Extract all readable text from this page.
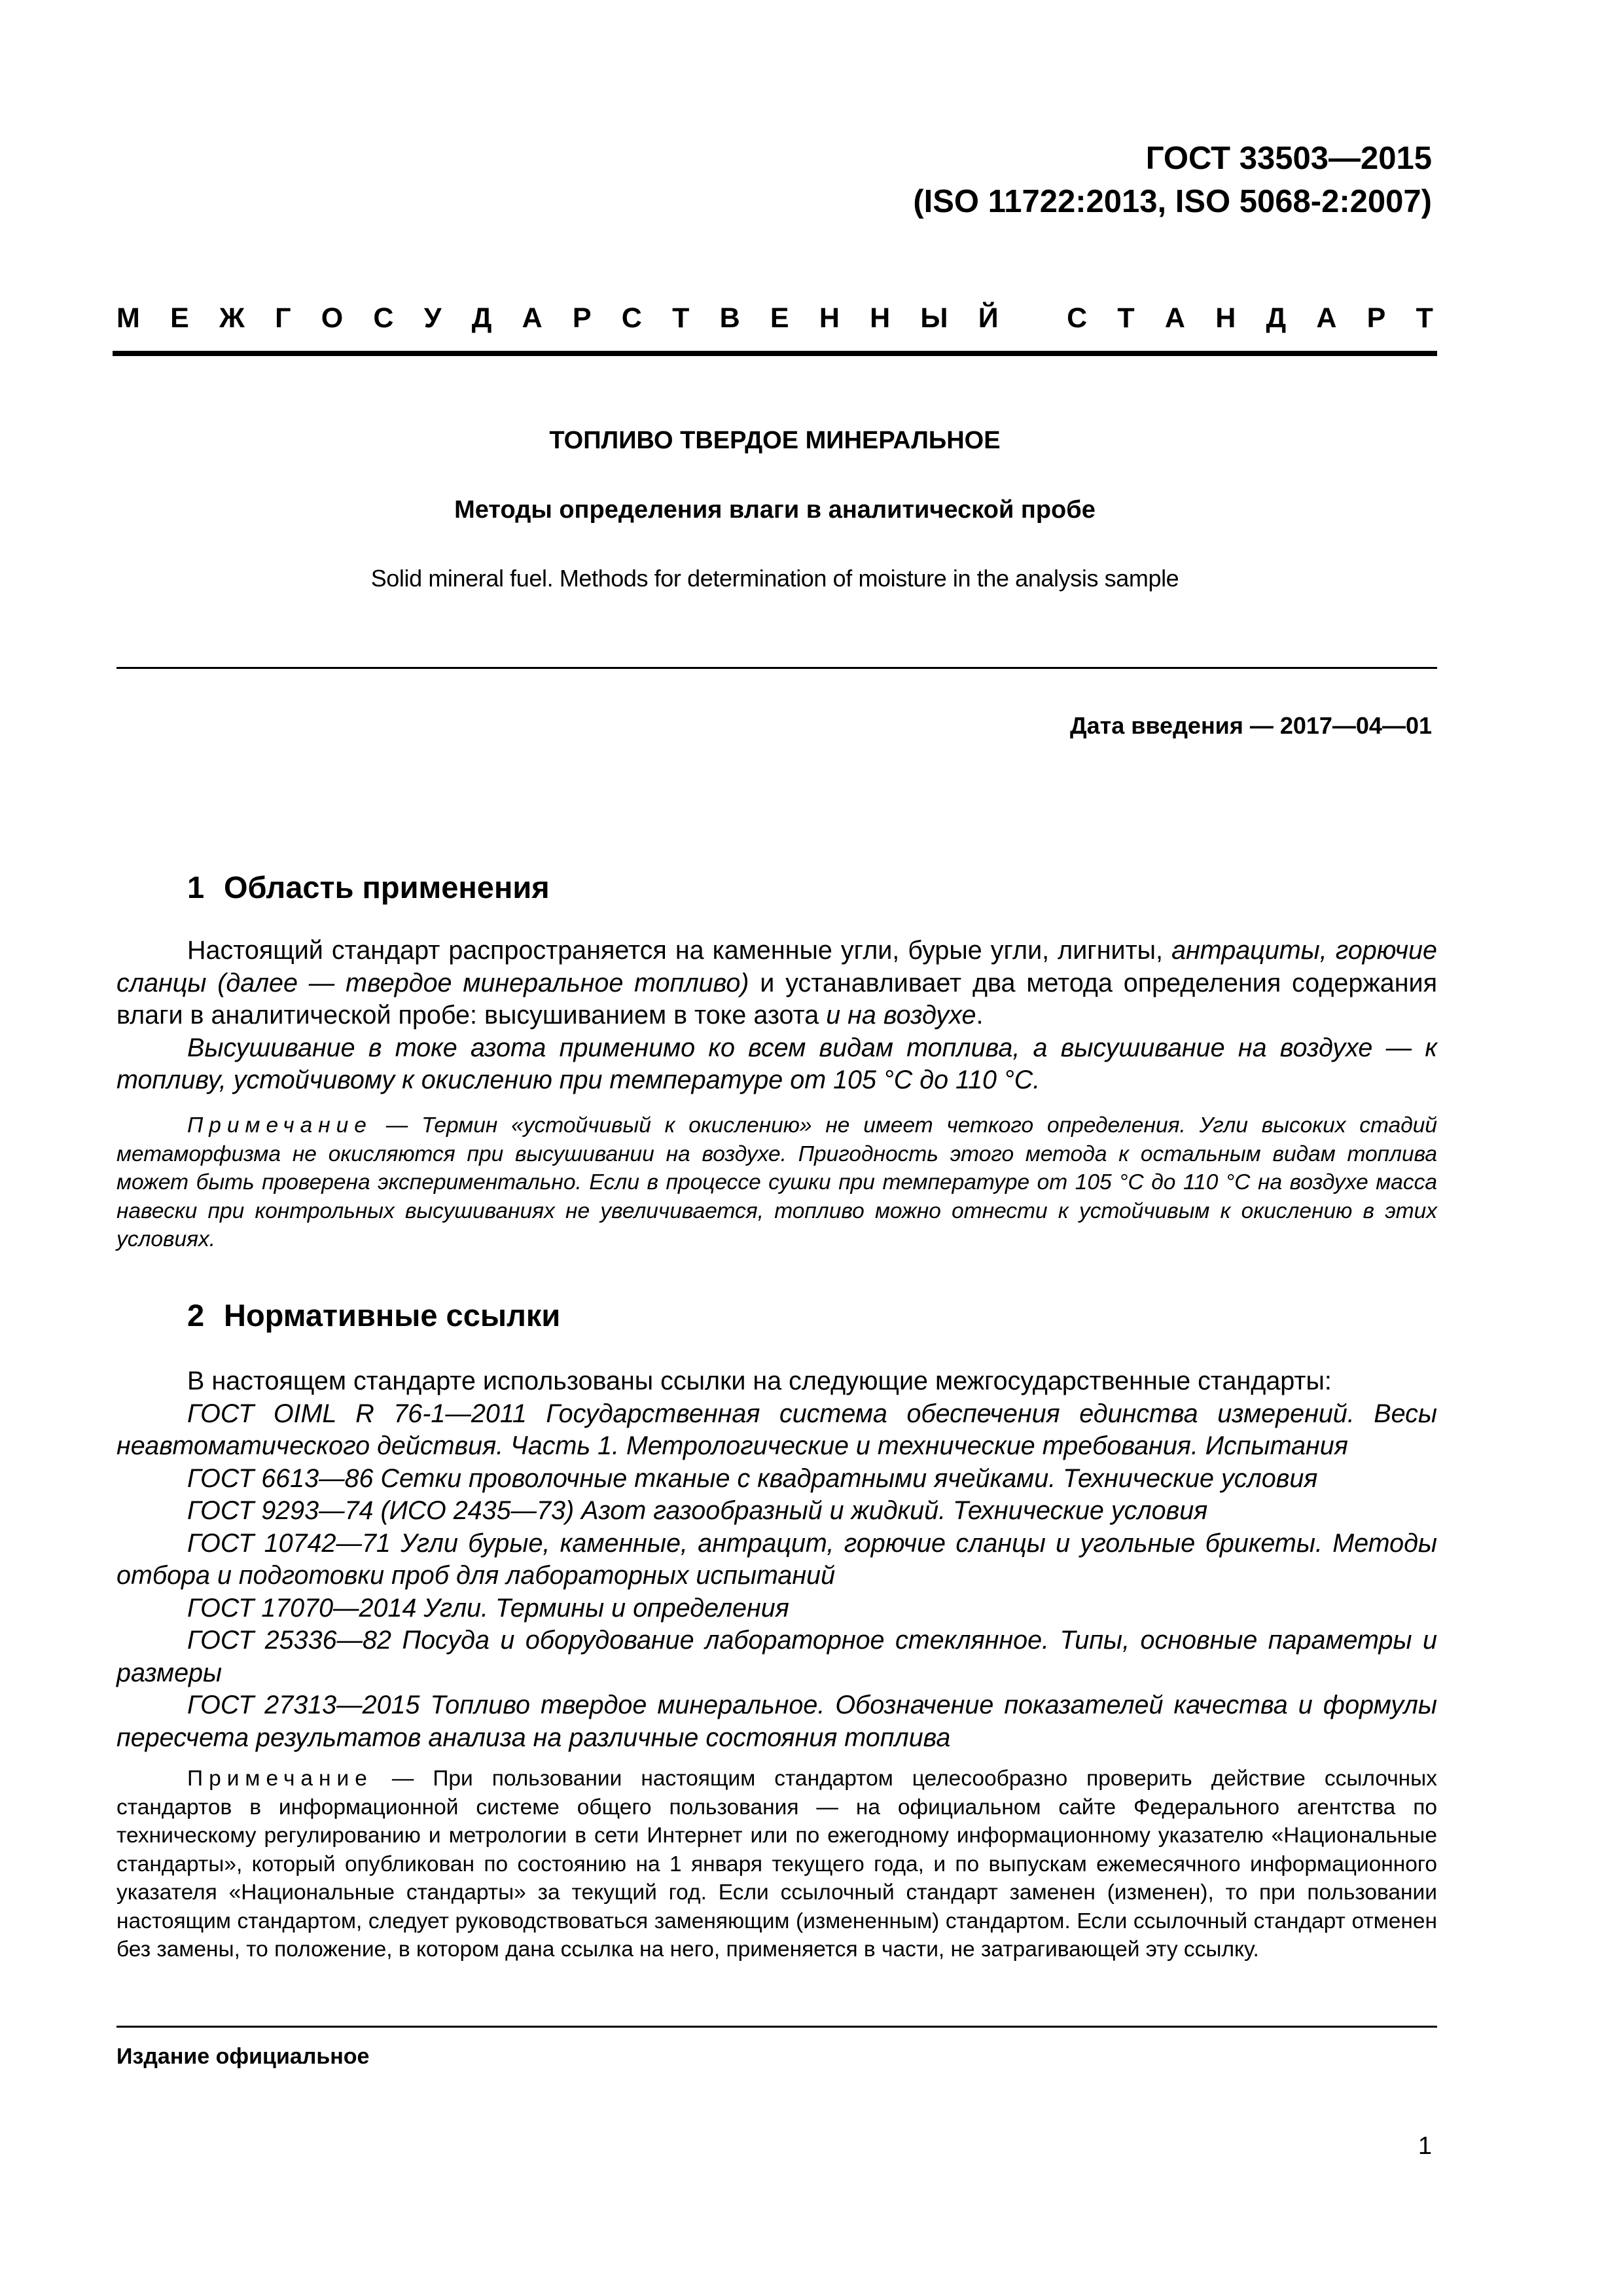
ГОСТ 33503—2015
(ISO 11722:2013, ISO 5068-2:2007)
М Е Ж Г О С У Д А Р С Т В Е Н Н Ы Й
С Т А Н Д А Р Т
ТОПЛИВО ТВЕРДОЕ МИНЕРАЛЬНОЕ
Методы определения влаги в аналитической пробе
Solid mineral fuel. Methods for determination of moisture in the analysis sample
Дата введения — 2017—04—01
1 Область применения

Настоящий стандарт распространяется на каменные угли, бурые угли, лигниты, антрациты, горючие сланцы (далее — твердое минеральное топливо) и устанавливает два метода определения содержания влаги в аналитической пробе: высушиванием в токе азота и на воздухе.

Высушивание в токе азота применимо ко всем видам топлива, а высушивание на воздухе — к топливу, устойчивому к окислению при температуре от 105 °С до 110 °С.

Примечание — Термин «устойчивый к окислению» не имеет четкого определения. Угли высоких стадий метаморфизма не окисляются при высушивании на воздухе. Пригодность этого метода к остальным видам топлива может быть проверена экспериментально. Если в процессе сушки при температуре от 105 °С до 110 °С на воздухе масса навески при контрольных высушиваниях не увеличивается, топливо можно отнести к устойчивым к окислению в этих условиях.

2 Нормативные ссылки

В настоящем стандарте использованы ссылки на следующие межгосударственные стандарты:

ГОСТ OIML R 76-1—2011 Государственная система обеспечения единства измерений. Весы неавтоматического действия. Часть 1. Метрологические и технические требования. Испытания

ГОСТ 6613—86 Сетки проволочные тканые с квадратными ячейками. Технические условия

ГОСТ 9293—74 (ИСО 2435—73) Азот газообразный и жидкий. Технические условия

ГОСТ 10742—71 Угли бурые, каменные, антрацит, горючие сланцы и угольные брикеты. Методы отбора и подготовки проб для лабораторных испытаний

ГОСТ 17070—2014 Угли. Термины и определения

ГОСТ 25336—82 Посуда и оборудование лабораторное стеклянное. Типы, основные параметры и размеры

ГОСТ 27313—2015 Топливо твердое минеральное. Обозначение показателей качества и формулы пересчета результатов анализа на различные состояния топлива

Примечание — При пользовании настоящим стандартом целесообразно проверить действие ссылочных стандартов в информационной системе общего пользования — на официальном сайте Федерального агентства по техническому регулированию и метрологии в сети Интернет или по ежегодному информационному указателю «Национальные стандарты», который опубликован по состоянию на 1 января текущего года, и по выпускам ежемесячного информационного указателя «Национальные стандарты» за текущий год. Если ссылочный стандарт заменен (изменен), то при пользовании настоящим стандартом, следует руководствоваться заменяющим (измененным) стандартом. Если ссылочный стандарт отменен без замены, то положение, в котором дана ссылка на него, применяется в части, не затрагивающей эту ссылку.

Издание официальное
1
